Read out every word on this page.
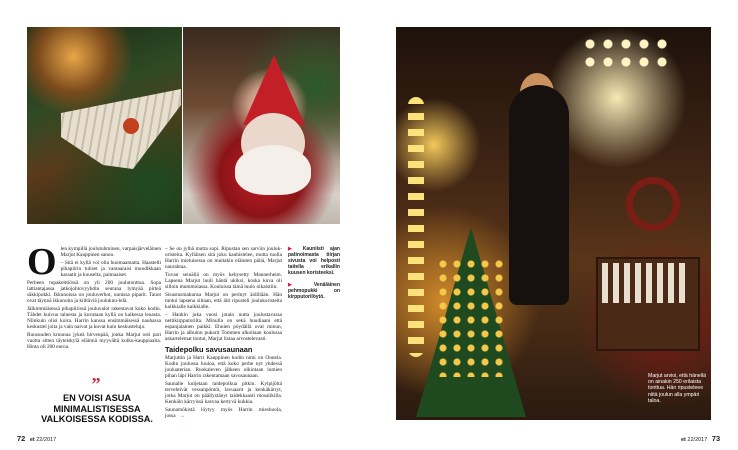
Marjut arvioi, että hänellä on ainakin 250 erilaista tonttua. Hän ripusteleee niitä joulun alla ympäri taloa.
O len kympillä joulutuhminen, varpaisjärveläinen Marjut Kauppinen sanoo.

– Sitä ei kyllä voi olla huomaamatta. Haastelli pihapiirin tuliset ja vantaaraisi muodikkaan karaatit ja kuuselta, paimaaiset.

Perheen tupakeittiössä on yli 200 joulutonttua. Sopa lattiantajassa jatkojohtovyyhdin seurana lymyää pirteä säkkipukki. Ikkunoissa on jouluverhot, uunissa piparit. Tauot ovat täynnä ikkunoita ja kiiltäviä joulukuu-lelä.

Jälkimmäisessä pihapiirissä jouluvalot rakentavat koko kodin. Tähdet kuivuu taluesta ja kuvataan kyllä on kaikessa leuasta. Niinkuin olisi koira. Harrin kanssa ensimmäisessä nauhassa keskustel joita ja vain naivat ja kuvat kuin keskusteluja.

Ruusuuden kruunua jykeä hirvenpää, jonka Marjut osti pari vuotta sitten täyteiskylä eläimiä myyvältä kulku-kauppiaalta. Hinta oli 200 euroa.

”
EN VOISI ASUA MINIMALISTISESSA VALKOISESSA KODISSA.

– Se on jylhä mutta sopi. Ripustan sen sarviin joulukoristeita. Kylläisen sitä joku kauhistelee, mutta tuolla Harrin mieluisessa on muitakin eläinten päitä, Marjut naurahtaa.

Tuvan seinällä on myös kehysetty Mannerheim. Lapsena Marjut luuli häntä ukiksi, koska kuva oli silloin mummolassa. Kouluissa tämä luulo oikaistiin.

Sisustusmakunsa Marjut on perinyt äidiltään. Hän tuntui lapsena siltaan, että äiti ripusteli joulukoristeita kaikkialle kaikkialle.

– Hankin joka vuosi jotain uutta joulustavaraa nettikirpputorilta. Minulla on sekä huudiaani että espanjalainen paikki. Ehnien pöydällä ovat minun, Harrin ja albuinn pukarit Tommen alkoitaan koulussa askartelemat tontut, Marjut listaa arvostelevasti.

Taidepolku savusaunaan

Marjuttin ja Harri Kauppinen kodin nimi on Onnela. Kodin joulussa luuloa, että koko perhe nyt yhdessä jouluaterian. Ruokaleven jälkeen olkiotaan lumien pihan läpi Harrin rakentamaan savusaunaan.

Saunalle kuljetaan taidepolkua pitkin. Kylpijöitä tervehtivät vessanpöntöt, lavuaarit ja kenkäkärryt, jotka Marjut on päällystänyt taidekkaasti mosaiikilla. Kenkäin kärryissä kasvaa kertyvä kukkia.

Saunamökistä löytyy myös Harrin mieshuola, jossa →

▶ Kauniisti ajan patinoimasta tiirjan sivusta voi helposti taitella erikallin kuusen koristeeksi.
▶ Venäläinen pehmopukki on kirpputorilöytö.
72 et 22/2017	et 22/2017 73
